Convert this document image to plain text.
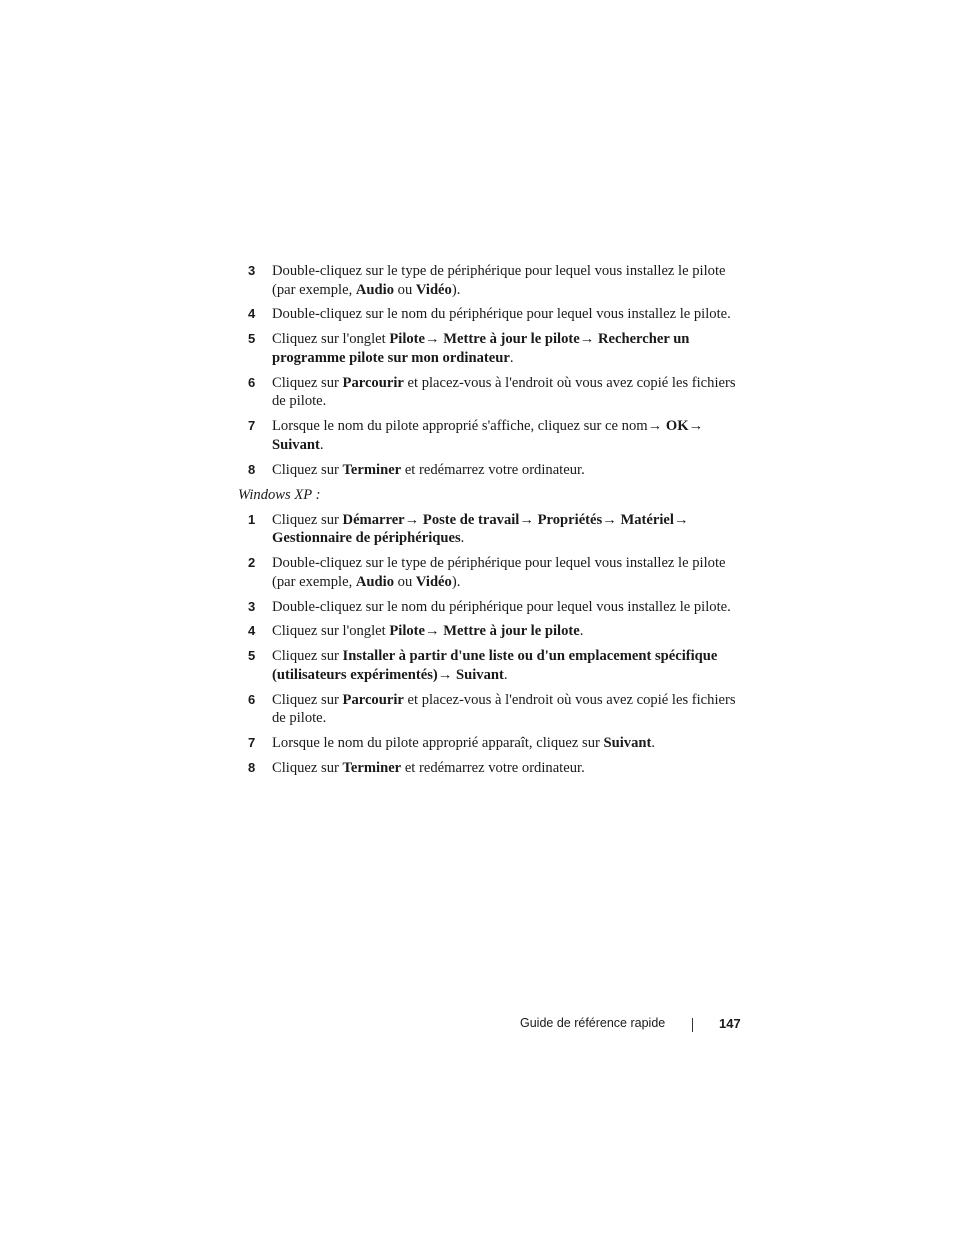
3 Double-cliquez sur le type de périphérique pour lequel vous installez le pilote (par exemple, Audio ou Vidéo).
4 Double-cliquez sur le nom du périphérique pour lequel vous installez le pilote.
5 Cliquez sur l'onglet Pilote→ Mettre à jour le pilote→ Rechercher un programme pilote sur mon ordinateur.
6 Cliquez sur Parcourir et placez-vous à l'endroit où vous avez copié les fichiers de pilote.
7 Lorsque le nom du pilote approprié s'affiche, cliquez sur ce nom→ OK→ Suivant.
8 Cliquez sur Terminer et redémarrez votre ordinateur.

Windows XP :

1 Cliquez sur Démarrer→ Poste de travail→ Propriétés→ Matériel→ Gestionnaire de périphériques.
2 Double-cliquez sur le type de périphérique pour lequel vous installez le pilote (par exemple, Audio ou Vidéo).
3 Double-cliquez sur le nom du périphérique pour lequel vous installez le pilote.
4 Cliquez sur l'onglet Pilote→ Mettre à jour le pilote.
5 Cliquez sur Installer à partir d'une liste ou d'un emplacement spécifique (utilisateurs expérimentés)→ Suivant.
6 Cliquez sur Parcourir et placez-vous à l'endroit où vous avez copié les fichiers de pilote.
7 Lorsque le nom du pilote approprié apparaît, cliquez sur Suivant.
8 Cliquez sur Terminer et redémarrez votre ordinateur.
Guide de référence rapide	147
